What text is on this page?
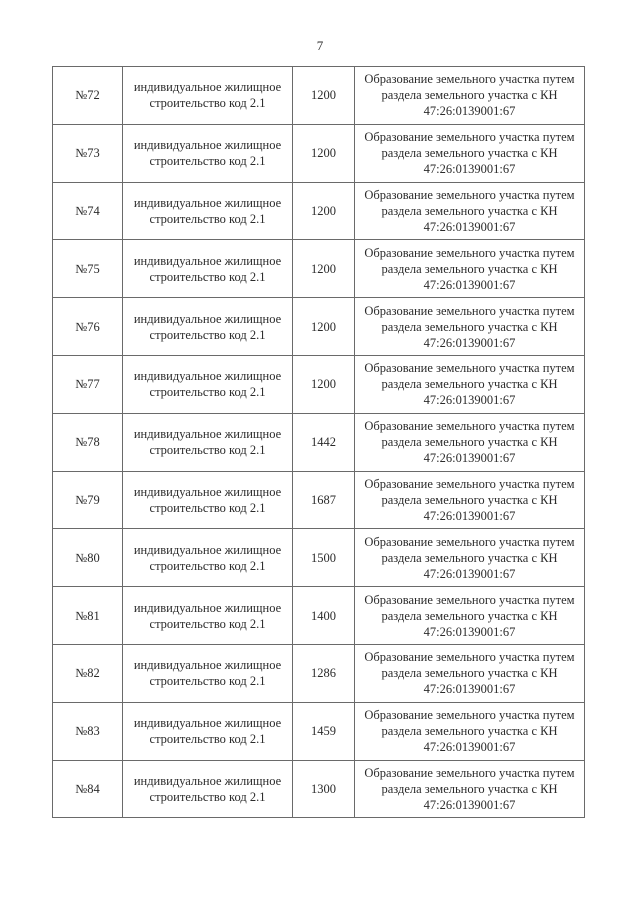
7
№72	индивидуальное жилищное
строительство код 2.1	1200	Образование земельного участка путем
раздела земельного участка с КН
47:26:0139001:67

№73	индивидуальное жилищное
строительство код 2.1	1200	Образование земельного участка путем
раздела земельного участка с КН
47:26:0139001:67

№74	индивидуальное жилищное
строительство код 2.1	1200	Образование земельного участка путем
раздела земельного участка с КН
47:26:0139001:67

№75	индивидуальное жилищное
строительство код 2.1	1200	Образование земельного участка путем
раздела земельного участка с КН
47:26:0139001:67

№76	индивидуальное жилищное
строительство код 2.1	1200	Образование земельного участка путем
раздела земельного участка с КН
47:26:0139001:67

№77	индивидуальное жилищное
строительство код 2.1	1200	Образование земельного участка путем
раздела земельного участка с КН
47:26:0139001:67

№78	индивидуальное жилищное
строительство код 2.1	1442	Образование земельного участка путем
раздела земельного участка с КН
47:26:0139001:67

№79	индивидуальное жилищное
строительство код 2.1	1687	Образование земельного участка путем
раздела земельного участка с КН
47:26:0139001:67

№80	индивидуальное жилищное
строительство код 2.1	1500	Образование земельного участка путем
раздела земельного участка с КН
47:26:0139001:67

№81	индивидуальное жилищное
строительство код 2.1	1400	Образование земельного участка путем
раздела земельного участка с КН
47:26:0139001:67

№82	индивидуальное жилищное
строительство код 2.1	1286	Образование земельного участка путем
раздела земельного участка с КН
47:26:0139001:67

№83	индивидуальное жилищное
строительство код 2.1	1459	Образование земельного участка путем
раздела земельного участка с КН
47:26:0139001:67

№84	индивидуальное жилищное
строительство код 2.1	1300	Образование земельного участка путем
раздела земельного участка с КН
47:26:0139001:67
